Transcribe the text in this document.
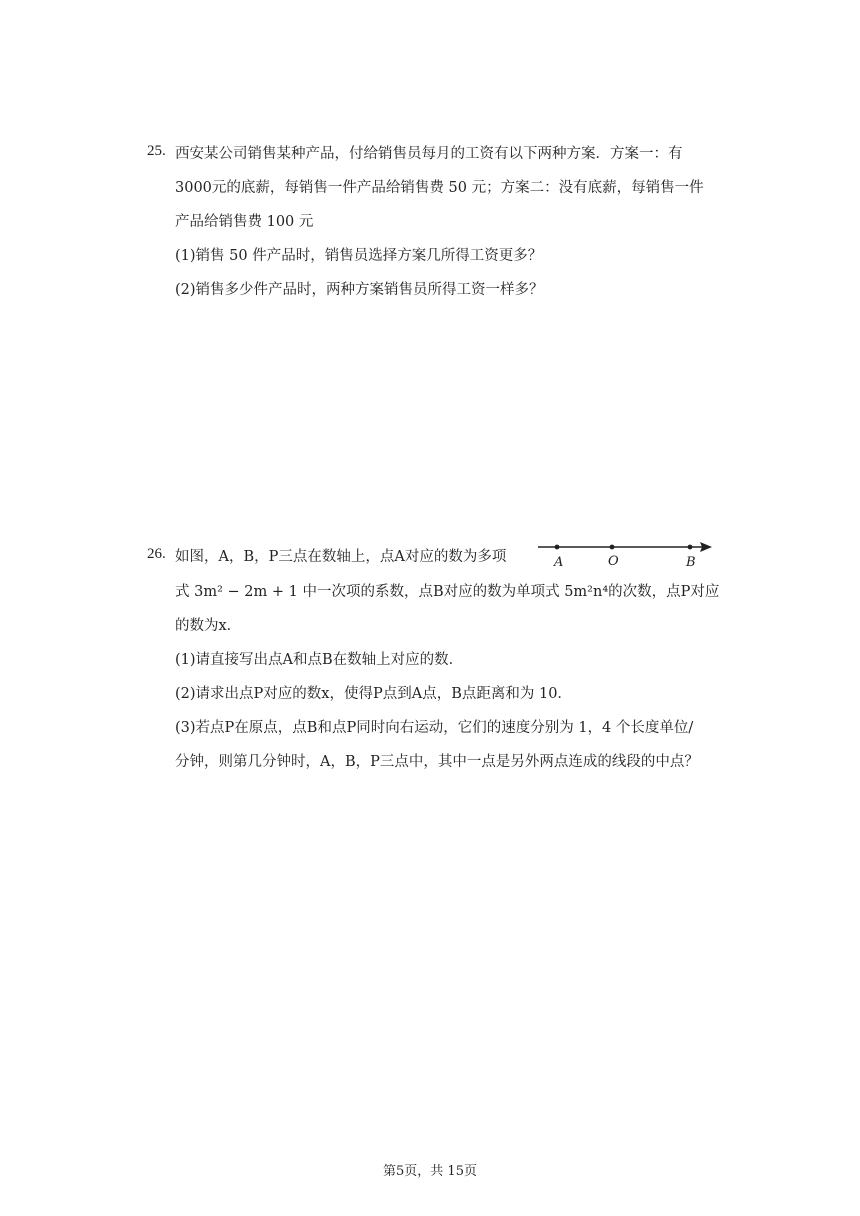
25. 西安某公司销售某种产品，付给销售员每月的工资有以下两种方案．方案一：有
3000元的底薪，每销售一件产品给销售费 50 元；方案二：没有底薪，每销售一件
产品给销售费 100 元
(1)销售 50 件产品时，销售员选择方案几所得工资更多？
(2)销售多少件产品时，两种方案销售员所得工资一样多？
26. 如图，A，B，P三点在数轴上，点A对应的数为多项
式 3m² − 2m + 1 中一次项的系数，点B对应的数为单项式 5m²n⁴的次数，点P对应
的数为x．
(1)请直接写出点A和点B在数轴上对应的数．
(2)请求出点P对应的数x，使得P点到A点，B点距离和为 10．
(3)若点P在原点，点B和点P同时向右运动，它们的速度分别为 1，4 个长度单位/
分钟，则第几分钟时，A，B，P三点中，其中一点是另外两点连成的线段的中点？
A	O	B
第5页，共 15页
